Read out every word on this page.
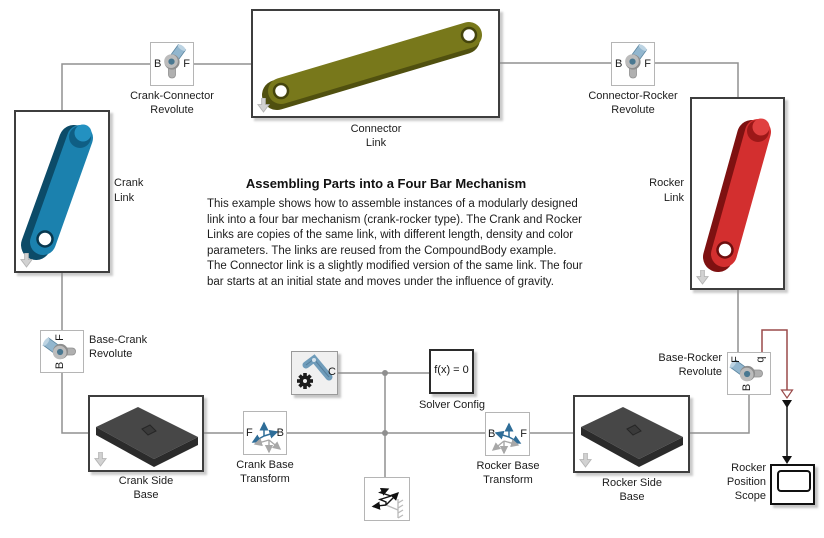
Assembling Parts into a Four Bar Mechanism
This example shows how to assemble instances of a modularly designed
link into a four bar mechanism (crank-rocker type). The Crank and Rocker
Links are copies of the same link, with different length, density and color
parameters. The links are reused from the CompoundBody example.
The Connector link is a slightly modified version of the same link. The four
bar starts at an initial state and moves under the influence of gravity.
Connector
Link
Crank
Link
Rocker
Link
B F
Crank-Connector
Revolute
B F
Connector-Rocker
Revolute
F
B
Base-Crank
Revolute	F q
B
Base-Rocker
Revolute
Crank Side
Base
Rocker Side
Base
F B
Crank Base
Transform
B F
Rocker Base
Transform
C	f(x) = 0
Solver Config
Rocker
Position
Scope
